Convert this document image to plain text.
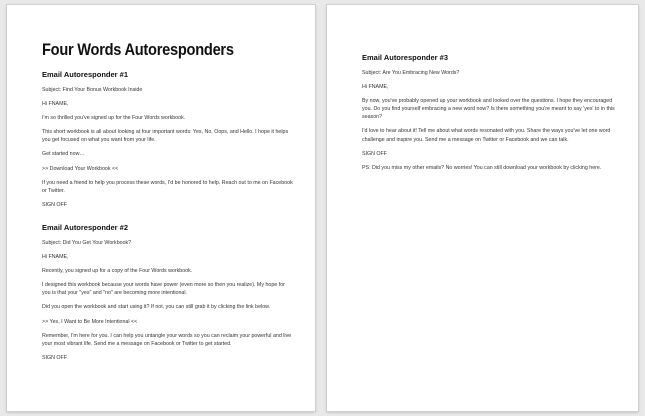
Four Words Autoresponders
Email Autoresponder #1
Subject: Find Your Bonus Workbook Inside
Hi FNAME,
I'm so thrilled you've signed up for the Four Words workbook.
This short workbook is all about looking at four important words: Yes, No, Oops, and Hello. I hope it helps you get focused on what you want from your life.
Get started now…
>> Download Your Workbook <<
If you need a friend to help you process these words, I'd be honored to help. Reach out to me on Facebook or Twitter.
SIGN OFF
Email Autoresponder #2
Subject: Did You Get Your Workbook?
Hi FNAME,
Recently, you signed up for a copy of the Four Words workbook.
I designed this workbook because your words have power (even more so then you realize). My hope for you is that your "yes" and "no" are becoming more intentional.
Did you open the workbook and start using it? If not, you can still grab it by clicking the link below.
>> Yes, I Want to Be More Intentional <<
Remember, I'm here for you. I can help you untangle your words so you can reclaim your powerful and live your most vibrant life. Send me a message on Facebook or Twitter to get started.
SIGN OFF
Email Autoresponder #3
Subject: Are You Embracing New Words?
Hi FNAME,
By now, you've probably opened up your workbook and looked over the questions. I hope they encouraged you. Do you find yourself embracing a new word now? Is there something you're meant to say 'yes' to in this season?
I'd love to hear about it! Tell me about what words resonated with you. Share the ways you've let one word challenge and inspire you. Send me a message on Twitter or Facebook and we can talk.
SIGN OFF
PS: Did you miss my other emails? No worries! You can still download your workbook by clicking here.
